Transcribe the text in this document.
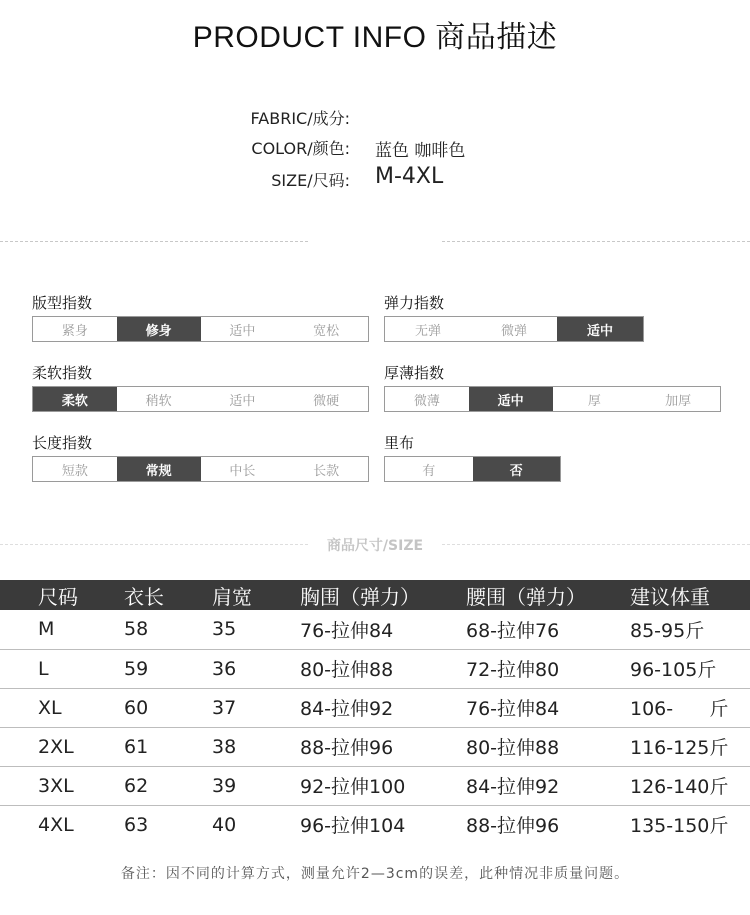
PRODUCT INFO 商品描述
FABRIC/成分:
COLOR/颜色: 蓝色 咖啡色
SIZE/尺码: M-4XL
版型指数
紧身	修身	适中	宽松
弹力指数
无弹	微弹	适中
柔软指数
柔软	稍软	适中	微硬
厚薄指数
微薄	适中	厚	加厚
长度指数
短款	常规	中长	长款
里布
有	否
商品尺寸/SIZE
尺码	衣长	肩宽	胸围（弹力）	腰围（弹力）	建议体重
M	58	35	76-拉伸84	68-拉伸76	85-95斤
L	59	36	80-拉伸88	72-拉伸80	96-105斤
XL	60	37	84-拉伸92	76-拉伸84	106-      斤
2XL	61	38	88-拉伸96	80-拉伸88	116-125斤
3XL	62	39	92-拉伸100	84-拉伸92	126-140斤
4XL	63	40	96-拉伸104	88-拉伸96	135-150斤
备注：因不同的计算方式，测量允许2—3cm的误差，此种情况非质量问题。
